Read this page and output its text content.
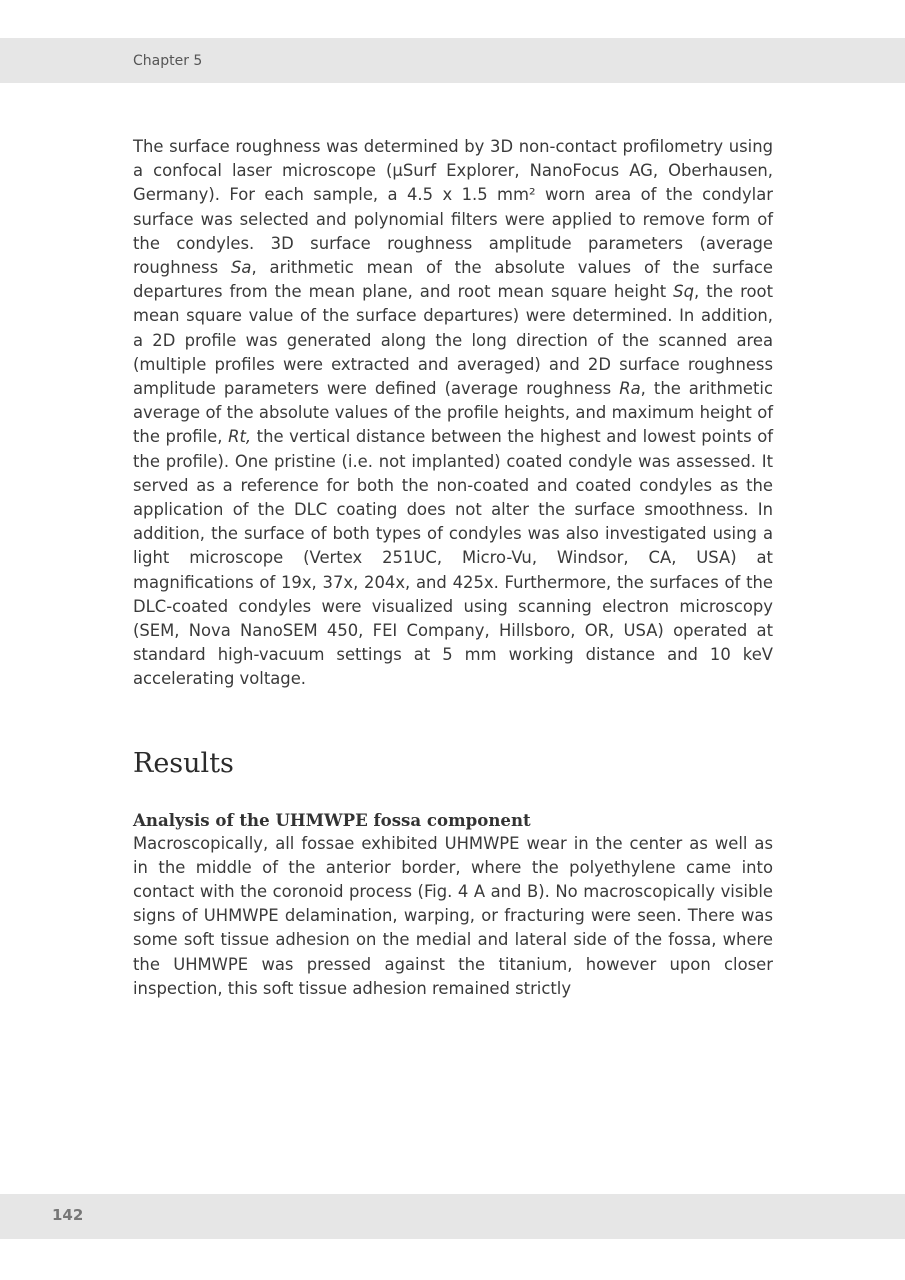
Chapter 5

The surface roughness was determined by 3D non-contact profilometry using a confocal laser microscope (µSurf Explorer, NanoFocus AG, Oberhausen, Germany). For each sample, a 4.5 x 1.5 mm² worn area of the condylar surface was selected and polynomial filters were applied to remove form of the condyles. 3D surface roughness amplitude parameters (average roughness Sa, arithmetic mean of the absolute values of the surface departures from the mean plane, and root mean square height Sq, the root mean square value of the surface departures) were determined. In addition, a 2D profile was generated along the long direction of the scanned area (multiple profiles were extracted and averaged) and 2D surface roughness amplitude parameters were defined (average roughness Ra, the arithmetic average of the absolute values of the profile heights, and maximum height of the profile, Rt, the vertical distance between the highest and lowest points of the profile). One pristine (i.e. not implanted) coated condyle was assessed. It served as a reference for both the non-coated and coated condyles as the application of the DLC coating does not alter the surface smoothness. In addition, the surface of both types of condyles was also investigated using a light microscope (Vertex 251UC, Micro-Vu, Windsor, CA, USA) at magnifications of 19x, 37x, 204x, and 425x. Furthermore, the surfaces of the DLC-coated condyles were visualized using scanning electron microscopy (SEM, Nova NanoSEM 450, FEI Company, Hillsboro, OR, USA) operated at standard high-vacuum settings at 5 mm working distance and 10 keV accelerating voltage.

Results
Analysis of the UHMWPE fossa component

Macroscopically, all fossae exhibited UHMWPE wear in the center as well as in the middle of the anterior border, where the polyethylene came into contact with the coronoid process (Fig. 4 A and B). No macroscopically visible signs of UHMWPE delamination, warping, or fracturing were seen. There was some soft tissue adhesion on the medial and lateral side of the fossa, where the UHMWPE was pressed against the titanium, however upon closer inspection, this soft tissue adhesion remained strictly

142
